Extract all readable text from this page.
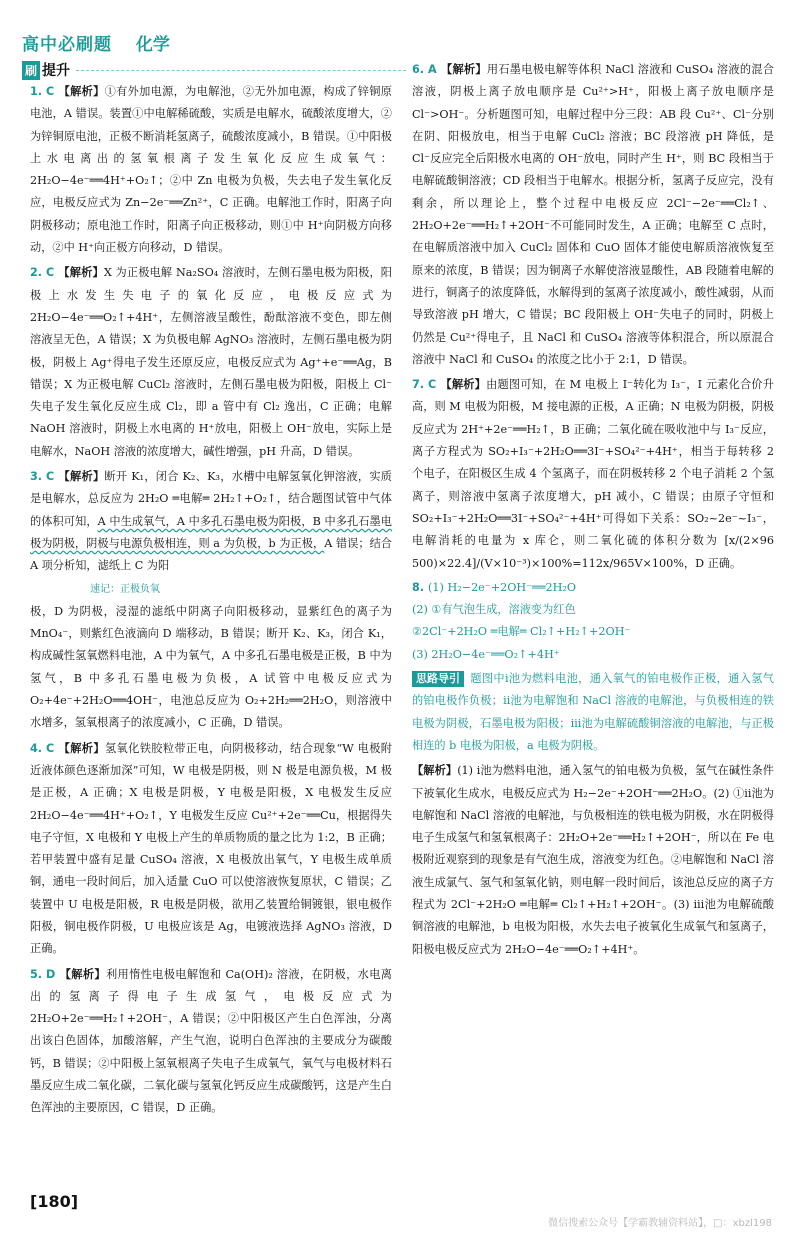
高中必刷题 化学
刷 提升

1. C 【解析】①有外加电源，为电解池，②无外加电源，构成了锌铜原电池，A 错误。装置①中电解稀硫酸，实质是电解水，硫酸浓度增大，②为锌铜原电池，正极不断消耗氢离子，硫酸浓度减小，B 错误。①中阳极上水电离出的氢氧根离子发生氧化反应生成氧气：2H₂O−4e⁻══4H⁺+O₂↑；②中 Zn 电极为负极，失去电子发生氧化反应，电极反应式为 Zn−2e⁻══Zn²⁺，C 正确。电解池工作时，阳离子向阴极移动；原电池工作时，阳离子向正极移动，则①中 H⁺向阴极方向移动，②中 H⁺向正极方向移动，D 错误。

2. C 【解析】X 为正极电解 Na₂SO₄ 溶液时，左侧石墨电极为阳极，阳极上水发生失电子的氧化反应，电极反应式为 2H₂O−4e⁻══O₂↑+4H⁺，左侧溶液呈酸性，酚酞溶液不变色，即左侧溶液呈无色，A 错误；X 为负极电解 AgNO₃ 溶液时，左侧石墨电极为阴极，阴极上 Ag⁺得电子发生还原反应，电极反应式为 Ag⁺+e⁻══Ag，B 错误；X 为正极电解 CuCl₂ 溶液时，左侧石墨电极为阳极，阳极上 Cl⁻失电子发生氧化反应生成 Cl₂，即 a 管中有 Cl₂ 逸出，C 正确；电解 NaOH 溶液时，阴极上水电离的 H⁺放电，阳极上 OH⁻放电，实际上是电解水，NaOH 溶液的浓度增大，碱性增强，pH 升高，D 错误。

3. C 【解析】断开 K₁，闭合 K₂、K₃，水槽中电解氢氧化钾溶液，实质是电解水，总反应为 2H₂O ═电解═ 2H₂↑+O₂↑，结合题图试管中气体的体积可知，A 中生成氧气，A 中多孔石墨电极为阳极，B 中多孔石墨电极为阴极，阴极与电源负极相连，则 a 为负极，b 为正极，A 错误；结合 A 项分析知，滤纸上 C 为阳
速记：正极负氧
极，D 为阴极，浸湿的滤纸中阴离子向阳极移动，显紫红色的离子为 MnO₄⁻，则紫红色液滴向 D 端移动，B 错误；断开 K₂、K₃，闭合 K₁，构成碱性氢氧燃料电池，A 中为氧气，A 中多孔石墨电极是正极，B 中为氢气，B 中多孔石墨电极为负极，A 试管中电极反应式为 O₂+4e⁻+2H₂O══4OH⁻，电池总反应为 O₂+2H₂══2H₂O，则溶液中水增多，氢氧根离子的浓度减小，C 正确，D 错误。

4. C 【解析】氢氧化铁胶粒带正电，向阴极移动，结合现象“W 电极附近液体颜色逐渐加深”可知，W 电极是阴极，则 N 极是电源负极，M 极是正极，A 正确；X 电极是阴极，Y 电极是阳极，X 电极发生反应 2H₂O−4e⁻══4H⁺+O₂↑，Y 电极发生反应 Cu²⁺+2e⁻══Cu，根据得失电子守恒，X 电极和 Y 电极上产生的单质物质的量之比为 1:2，B 正确；若甲装置中盛有足量 CuSO₄ 溶液，X 电极放出氧气，Y 电极生成单质铜，通电一段时间后，加入适量 CuO 可以使溶液恢复原状，C 错误；乙装置中 U 电极是阳极，R 电极是阴极，欲用乙装置给铜镀银，银电极作阳极，铜电极作阴极，U 电极应该是 Ag，电镀液选择 AgNO₃ 溶液，D 正确。

5. D 【解析】利用惰性电极电解饱和 Ca(OH)₂ 溶液，在阴极，水电离出的氢离子得电子生成氢气，电极反应式为 2H₂O+2e⁻══H₂↑+2OH⁻，A 错误；②中阳极区产生白色浑浊，分离出该白色固体，加酸溶解，产生气泡，说明白色浑浊的主要成分为碳酸钙，B 错误；②中阳极上氢氧根离子失电子生成氧气，氧气与电极材料石墨反应生成二氧化碳，二氧化碳与氢氧化钙反应生成碳酸钙，这是产生白色浑浊的主要原因，C 错误，D 正确。

6. A 【解析】用石墨电极电解等体积 NaCl 溶液和 CuSO₄ 溶液的混合溶液，阴极上离子放电顺序是 Cu²⁺>H⁺，阳极上离子放电顺序是 Cl⁻>OH⁻。分析题图可知，电解过程中分三段：AB 段 Cu²⁺、Cl⁻分别在阴、阳极放电，相当于电解 CuCl₂ 溶液；BC 段溶液 pH 降低，是 Cl⁻反应完全后阳极水电离的 OH⁻放电，同时产生 H⁺，则 BC 段相当于电解硫酸铜溶液；CD 段相当于电解水。根据分析，氢离子反应完，没有剩余，所以理论上，整个过程中电极反应 2Cl⁻−2e⁻══Cl₂↑、2H₂O+2e⁻══H₂↑+2OH⁻不可能同时发生，A 正确；电解至 C 点时，在电解质溶液中加入 CuCl₂ 固体和 CuO 固体才能使电解质溶液恢复至原来的浓度，B 错误；因为铜离子水解使溶液显酸性，AB 段随着电解的进行，铜离子的浓度降低，水解得到的氢离子浓度减小，酸性减弱，从而导致溶液 pH 增大，C 错误；BC 段阳极上 OH⁻失电子的同时，阴极上仍然是 Cu²⁺得电子，且 NaCl 和 CuSO₄ 溶液等体积混合，所以原混合溶液中 NaCl 和 CuSO₄ 的浓度之比小于 2:1，D 错误。

7. C 【解析】由题图可知，在 M 电极上 I⁻转化为 I₃⁻，I 元素化合价升高，则 M 电极为阳极，M 接电源的正极，A 正确；N 电极为阴极，阴极反应式为 2H⁺+2e⁻══H₂↑，B 正确；二氧化硫在吸收池中与 I₃⁻反应，离子方程式为 SO₂+I₃⁻+2H₂O══3I⁻+SO₄²⁻+4H⁺，相当于每转移 2 个电子，在阳极区生成 4 个氢离子，而在阴极转移 2 个电子消耗 2 个氢离子，则溶液中氢离子浓度增大，pH 减小，C 错误；由原子守恒和 SO₂+I₃⁻+2H₂O══3I⁻+SO₄²⁻+4H⁺可得如下关系：SO₂~2e⁻~I₃⁻，电解消耗的电量为 x 库仑，则二氧化硫的体积分数为 [x/(2×96 500)×22.4]/(V×10⁻³)×100%=112x/965V×100%，D 正确。

8. (1) H₂−2e⁻+2OH⁻══2H₂O
(2) ①有气泡生成，溶液变为红色
②2Cl⁻+2H₂O ═电解═ Cl₂↑+H₂↑+2OH⁻
(3) 2H₂O−4e⁻══O₂↑+4H⁺

思路导引 题图中ⅰ池为燃料电池，通入氧气的铂电极作正极，通入氢气的铂电极作负极；ⅱ池为电解饱和 NaCl 溶液的电解池，与负极相连的铁电极为阴极，石墨电极为阳极；ⅲ池为电解硫酸铜溶液的电解池，与正极相连的 b 电极为阳极，a 电极为阴极。

【解析】(1) ⅰ池为燃料电池，通入氢气的铂电极为负极，氢气在碱性条件下被氧化生成水，电极反应式为 H₂−2e⁻+2OH⁻══2H₂O。(2) ①ⅱ池为电解饱和 NaCl 溶液的电解池，与负极相连的铁电极为阴极，水在阴极得电子生成氢气和氢氧根离子：2H₂O+2e⁻══H₂↑+2OH⁻，所以在 Fe 电极附近观察到的现象是有气泡生成，溶液变为红色。②电解饱和 NaCl 溶液生成氯气、氢气和氢氧化钠，则电解一段时间后，该池总反应的离子方程式为 2Cl⁻+2H₂O ═电解═ Cl₂↑+H₂↑+2OH⁻。(3) ⅲ池为电解硫酸铜溶液的电解池，b 电极为阳极，水失去电子被氧化生成氧气和氢离子，阳极电极反应式为 2H₂O−4e⁻══O₂↑+4H⁺。

[180]
微信搜索公众号【学霸教辅资料站】，□：xbzl198
